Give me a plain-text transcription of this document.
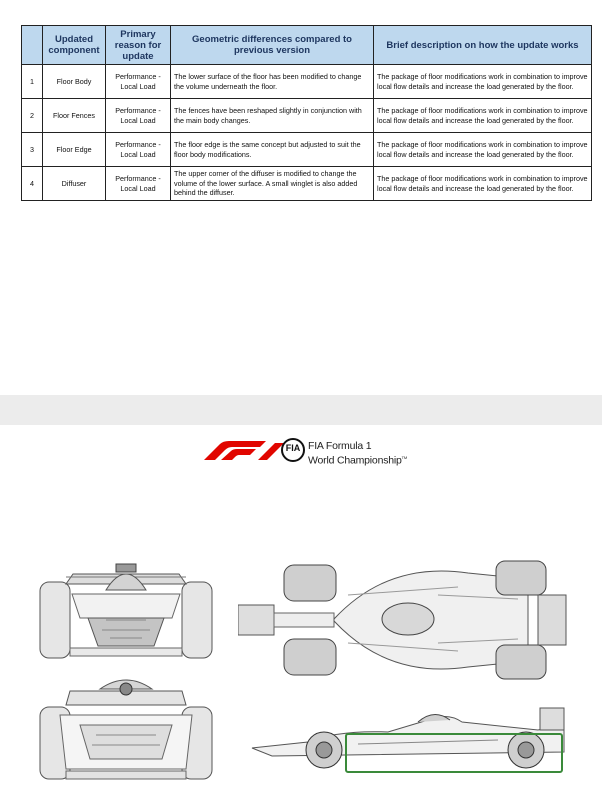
	Updated component	Primary reason for update	Geometric differences compared to previous version	Brief description on how the update works
1	Floor Body	Performance - Local Load	The lower surface of the floor has been modified to change the volume underneath the floor.	The package of floor modifications work in combination to improve local flow details and increase the load generated by the floor.
2	Floor Fences	Performance - Local Load	The fences have been reshaped slightly in conjunction with the main body changes.	The package of floor modifications work in combination to improve local flow details and increase the load generated by the floor.
3	Floor Edge	Performance - Local Load	The floor edge is the same concept but adjusted to suit the floor body modifications.	The package of floor modifications work in combination to improve local flow details and increase the load generated by the floor.
4	Diffuser	Performance - Local Load	The upper corner of the diffuser is modified to change the volume of the lower surface. A small winglet is also added behind the diffuser.	The package of floor modifications work in combination to improve local flow details and increase the load generated by the floor.
FIA FIA Formula 1
World Championship™
